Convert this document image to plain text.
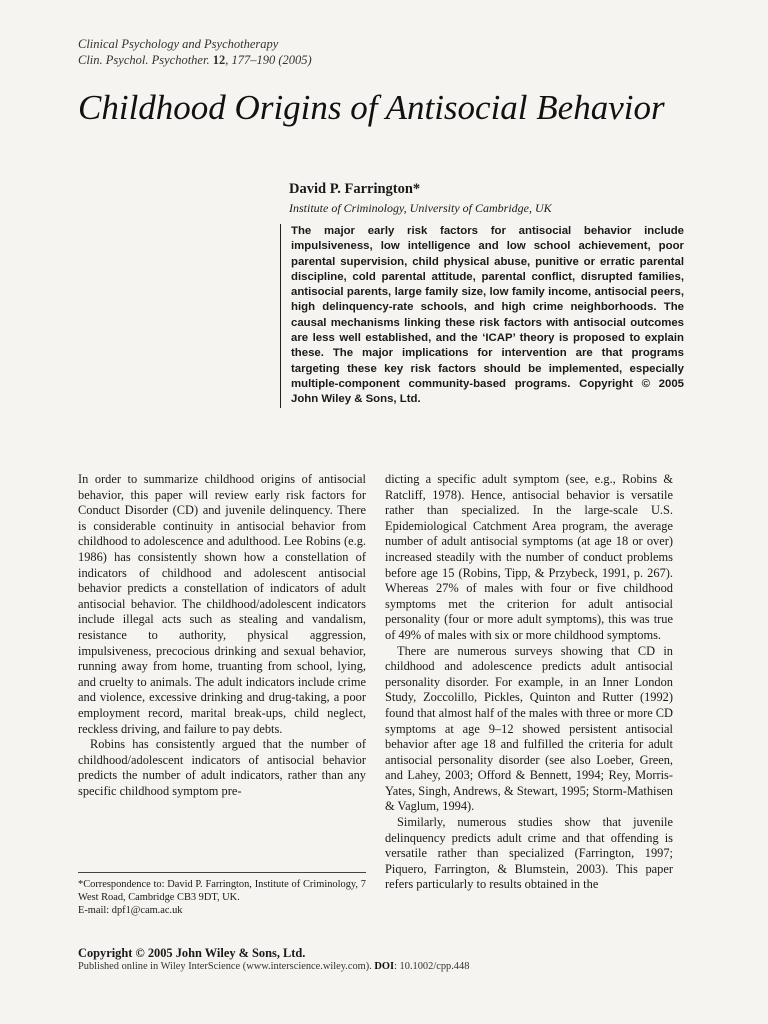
Clinical Psychology and Psychotherapy
Clin. Psychol. Psychother. 12, 177–190 (2005)
Childhood Origins of Antisocial Behavior
David P. Farrington*
Institute of Criminology, University of Cambridge, UK

The major early risk factors for antisocial behavior include impulsiveness, low intelligence and low school achievement, poor parental supervision, child physical abuse, punitive or erratic parental discipline, cold parental attitude, parental conflict, disrupted families, antisocial parents, large family size, low family income, antisocial peers, high delinquency-rate schools, and high crime neighborhoods. The causal mechanisms linking these risk factors with antisocial outcomes are less well established, and the ‘ICAP’ theory is proposed to explain these. The major implications for intervention are that programs targeting these key risk factors should be implemented, especially multiple-component community-based programs. Copyright © 2005 John Wiley & Sons, Ltd.

In order to summarize childhood origins of antisocial behavior, this paper will review early risk factors for Conduct Disorder (CD) and juvenile delinquency. There is considerable continuity in antisocial behavior from childhood to adolescence and adulthood. Lee Robins (e.g. 1986) has consistently shown how a constellation of indicators of childhood and adolescent antisocial behavior predicts a constellation of indicators of adult antisocial behavior. The childhood/adolescent indicators include illegal acts such as stealing and vandalism, resistance to authority, physical aggression, impulsiveness, precocious drinking and sexual behavior, running away from home, truanting from school, lying, and cruelty to animals. The adult indicators include crime and violence, excessive drinking and drug-taking, a poor employment record, marital break-ups, child neglect, reckless driving, and failure to pay debts.

Robins has consistently argued that the number of childhood/adolescent indicators of antisocial behavior predicts the number of adult indicators, rather than any specific childhood symptom pre-

dicting a specific adult symptom (see, e.g., Robins & Ratcliff, 1978). Hence, antisocial behavior is versatile rather than specialized. In the large-scale U.S. Epidemiological Catchment Area program, the average number of adult antisocial symptoms (at age 18 or over) increased steadily with the number of conduct problems before age 15 (Robins, Tipp, & Przybeck, 1991, p. 267). Whereas 27% of males with four or five childhood symptoms met the criterion for adult antisocial personality (four or more adult symptoms), this was true of 49% of males with six or more childhood symptoms.

There are numerous surveys showing that CD in childhood and adolescence predicts adult antisocial personality disorder. For example, in an Inner London Study, Zoccolillo, Pickles, Quinton and Rutter (1992) found that almost half of the males with three or more CD symptoms at age 9–12 showed persistent antisocial behavior after age 18 and fulfilled the criteria for adult antisocial personality disorder (see also Loeber, Green, and Lahey, 2003; Offord & Bennett, 1994; Rey, Morris-Yates, Singh, Andrews, & Stewart, 1995; Storm-Mathisen & Vaglum, 1994).

Similarly, numerous studies show that juvenile delinquency predicts adult crime and that offending is versatile rather than specialized (Farrington, 1997; Piquero, Farrington, & Blumstein, 2003). This paper refers particularly to results obtained in the

*Correspondence to: David P. Farrington, Institute of Criminology, 7 West Road, Cambridge CB3 9DT, UK.

E-mail: dpf1@cam.ac.uk

Copyright © 2005 John Wiley & Sons, Ltd.
Published online in Wiley InterScience (www.interscience.wiley.com). DOI: 10.1002/cpp.448
